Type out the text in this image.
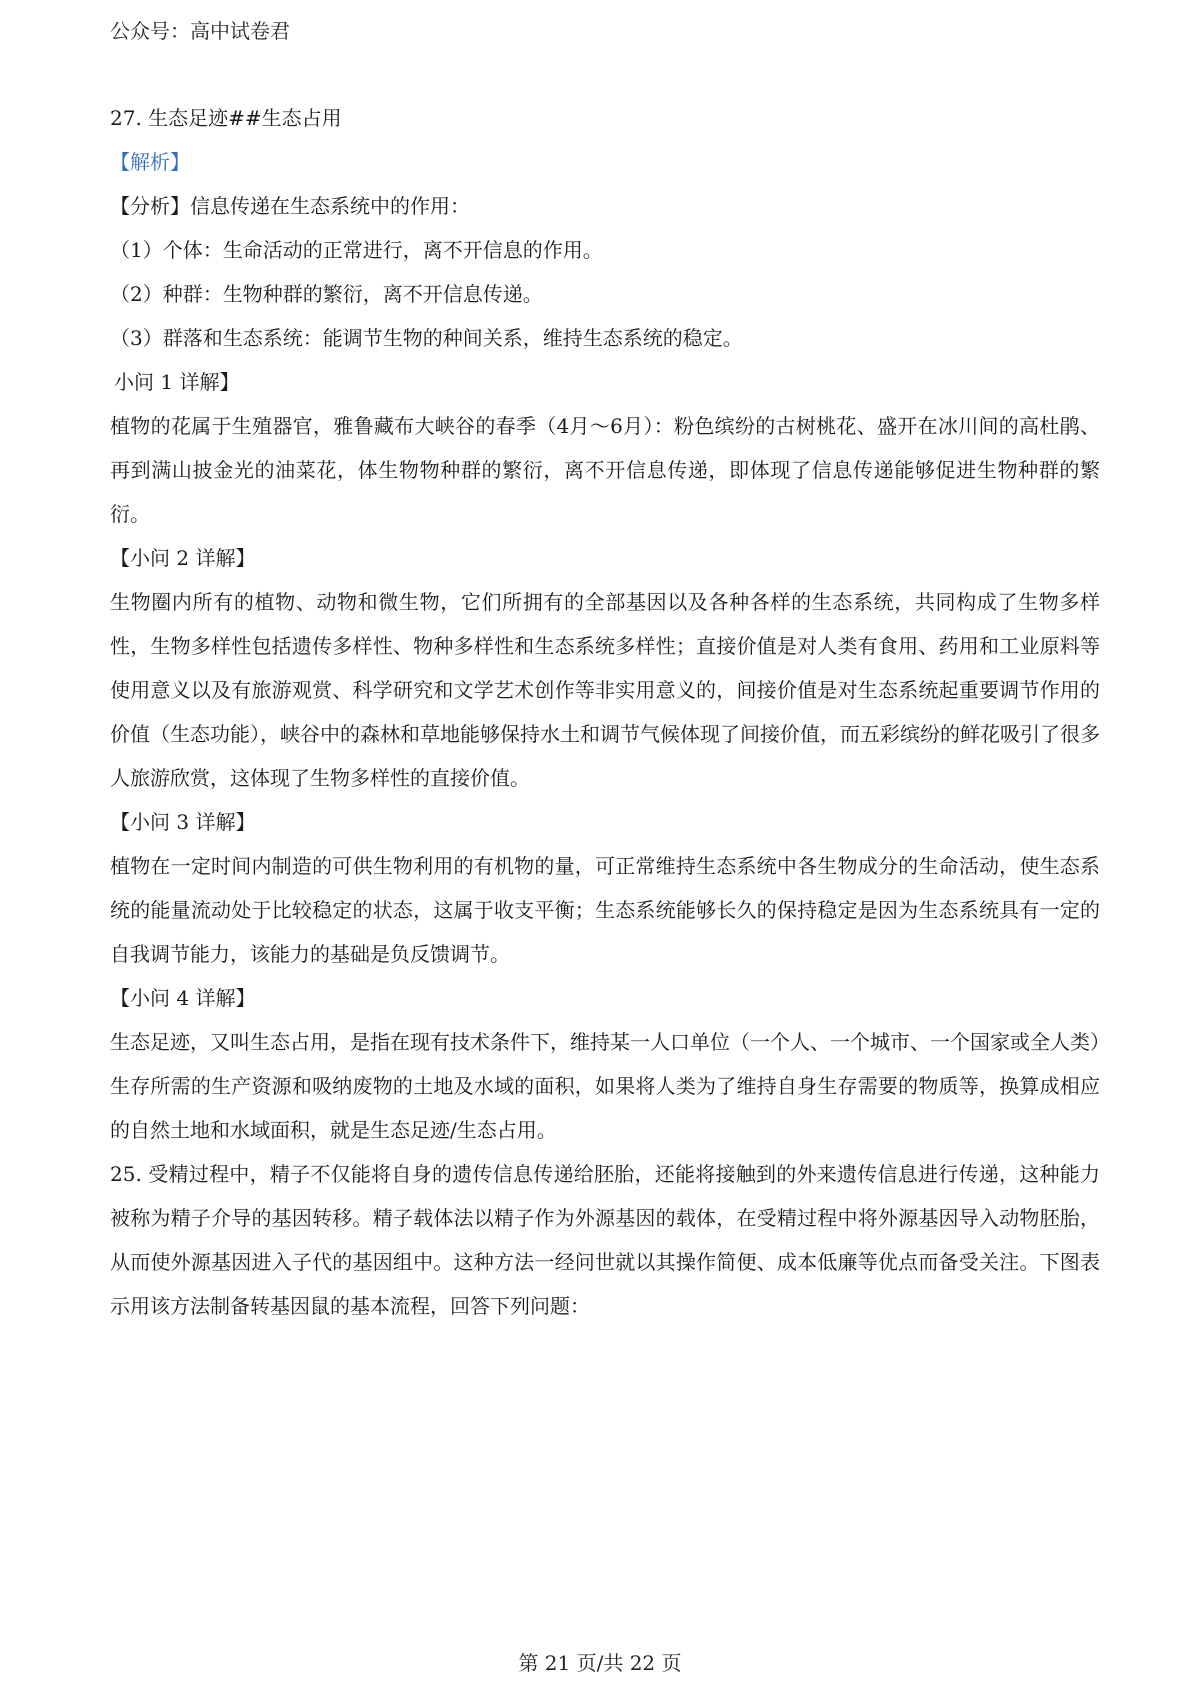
公众号：高中试卷君

27. 生态足迹##生态占用

【解析】

【分析】信息传递在生态系统中的作用：

（1）个体：生命活动的正常进行，离不开信息的作用。

（2）种群：生物种群的繁衍，离不开信息传递。

（3）群落和生态系统：能调节生物的种间关系，维持生态系统的稳定。

小问 1 详解】

植物的花属于生殖器官，雅鲁藏布大峡谷的春季（4月～6月）：粉色缤纷的古树桃花、盛开在冰川间的高杜鹃、再到满山披金光的油菜花，体生物物种群的繁衍，离不开信息传递，即体现了信息传递能够促进生物种群的繁衍。

【小问 2 详解】

生物圈内所有的植物、动物和微生物，它们所拥有的全部基因以及各种各样的生态系统，共同构成了生物多样性，生物多样性包括遗传多样性、物种多样性和生态系统多样性；直接价值是对人类有食用、药用和工业原料等使用意义以及有旅游观赏、科学研究和文学艺术创作等非实用意义的，间接价值是对生态系统起重要调节作用的价值（生态功能），峡谷中的森林和草地能够保持水土和调节气候体现了间接价值，而五彩缤纷的鲜花吸引了很多人旅游欣赏，这体现了生物多样性的直接价值。

【小问 3 详解】

植物在一定时间内制造的可供生物利用的有机物的量，可正常维持生态系统中各生物成分的生命活动，使生态系统的能量流动处于比较稳定的状态，这属于收支平衡；生态系统能够长久的保持稳定是因为生态系统具有一定的自我调节能力，该能力的基础是负反馈调节。

【小问 4 详解】

生态足迹，又叫生态占用，是指在现有技术条件下，维持某一人口单位（一个人、一个城市、一个国家或全人类）生存所需的生产资源和吸纳废物的土地及水域的面积，如果将人类为了维持自身生存需要的物质等，换算成相应的自然土地和水域面积，就是生态足迹/生态占用。

25. 受精过程中，精子不仅能将自身的遗传信息传递给胚胎，还能将接触到的外来遗传信息进行传递，这种能力被称为精子介导的基因转移。精子载体法以精子作为外源基因的载体，在受精过程中将外源基因导入动物胚胎，从而使外源基因进入子代的基因组中。这种方法一经问世就以其操作简便、成本低廉等优点而备受关注。下图表示用该方法制备转基因鼠的基本流程，回答下列问题：

第 21 页/共 22 页
